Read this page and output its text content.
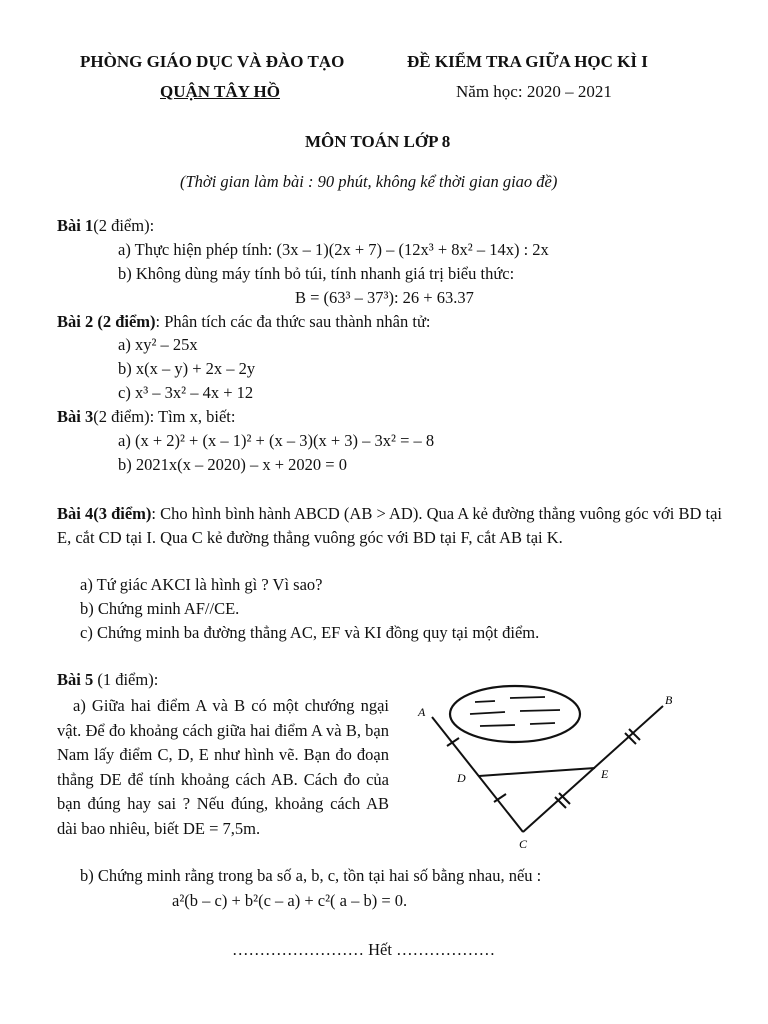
PHÒNG GIÁO DỤC VÀ ĐÀO TẠO
QUẬN TÂY HỒ
ĐỀ KIỂM TRA GIỮA HỌC KÌ I
Năm học: 2020 – 2021
MÔN TOÁN LỚP 8
(Thời gian làm bài : 90 phút, không kể thời gian giao đề)
Bài 1(2 điểm):
a) Thực hiện phép tính: (3x – 1)(2x + 7) – (12x³ + 8x² – 14x) : 2x
b) Không dùng máy tính bỏ túi, tính nhanh giá trị biểu thức:
B = (63³ – 37³): 26 + 63.37
Bài 2 (2 điểm): Phân tích các đa thức sau thành nhân tử:
a) xy² – 25x
b) x(x – y) + 2x – 2y
c) x³ – 3x² – 4x + 12
Bài 3(2 điểm): Tìm x, biết:
a) (x + 2)² + (x – 1)² + (x – 3)(x + 3) – 3x² = – 8
b) 2021x(x – 2020) – x + 2020 = 0
Bài 4(3 điểm): Cho hình bình hành ABCD (AB > AD). Qua A kẻ đường thẳng vuông góc với BD tại E, cắt CD tại I. Qua C kẻ đường thẳng vuông góc với BD tại F, cắt AB tại K.
a) Tứ giác AKCI là hình gì ? Vì sao?
b) Chứng minh AF//CE.
c) Chứng minh ba đường thẳng AC, EF và KI đồng quy tại một điểm.
Bài 5 (1 điểm):
a) Giữa hai điểm A và B có một chướng ngại vật. Để đo khoảng cách giữa hai điểm A và B, bạn Nam lấy điểm C, D, E như hình vẽ. Bạn đo đoạn thẳng DE để tính khoảng cách AB. Cách đo của bạn đúng hay sai ? Nếu đúng, khoảng cách AB dài bao nhiêu, biết DE = 7,5m.
A
B
C
D	E
b) Chứng minh rằng trong ba số a, b, c, tồn tại hai số bằng nhau, nếu :
a²(b – c) + b²(c – a) + c²( a – b) = 0.
…………………… Hết ………………
